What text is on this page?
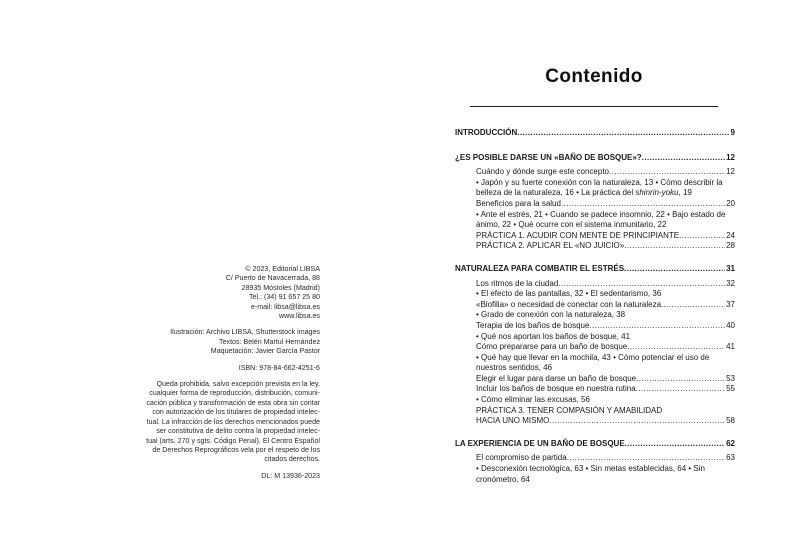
© 2023, Editorial LIBSA
C/ Puerto de Navacerrada, 88
28935 Móstoles (Madrid)
Tel.: (34) 91 657 25 80
e-mail: libsa@libsa.es
www.libsa.es
Ilustración: Archivo LIBSA, Shutterstock images
Textos: Belén Martul Hernández
Maquetación: Javier García Pastor
ISBN: 978-84-662-4251-6
Queda prohibida, salvo excepción prevista en la ley,
cualquier forma de reproducción, distribución, comuni-
cación pública y transformación de esta obra sin contar
con autorización de los titulares de propiedad intelec-
tual. La infracción de los derechos mencionados puede
ser constitutiva de delito contra la propiedad intelec-
tual (arts. 270 y sgts. Código Penal). El Centro Español
de Derechos Reprográficos vela por el respeto de los
citados derechos.
DL: M 13936-2023
Contenido
INTRODUCCIÓN .....	9
¿ES POSIBLE DARSE UN «BAÑO DE BOSQUE»? .....	12
Cuándo y dónde surge este concepto .....	12
• Japón y su fuerte conexión con la naturaleza, 13 • Cómo describir la belleza de la naturaleza, 16 • La práctica del shinrin-yoku, 19
Beneficios para la salud .....	20
• Ante el estrés, 21 • Cuando se padece insomnio, 22 • Bajo estado de ánimo, 22 • Qué ocurre con el sistema inmunitario, 22
PRÁCTICA 1. ACUDIR CON MENTE DE PRINCIPIANTE .....	24
PRÁCTICA 2. APLICAR EL «NO JUICIO» .....	28
NATURALEZA PARA COMBATIR EL ESTRÉS .....	31
Los ritmos de la ciudad .....	32
• El efecto de las pantallas, 32 • El sedentarismo, 36
«Biofilia» o necesidad de conectar con la naturaleza .....	37
• Grado de conexión con la naturaleza, 38
Terapia de los baños de bosque .....	40
• Qué nos aportan los baños de bosque, 41
Cómo prepararse para un baño de bosque .....	41
• Qué hay que llevar en la mochila, 43 • Cómo potenciar el uso de nuestros sentidos, 46
Elegir el lugar para darse un baño de bosque .....	53
Incluir los baños de bosque en nuestra rutina .....	55
• Cómo eliminar las excusas, 56
PRÁCTICA 3. TENER COMPASIÓN Y AMABILIDAD
HACIA UNO MISMO .....	58
LA EXPERIENCIA DE UN BAÑO DE BOSQUE .....	62
El compromiso de partida .....	63
• Desconexión tecnológica, 63 • Sin metas establecidas, 64 • Sin cronómetro, 64
